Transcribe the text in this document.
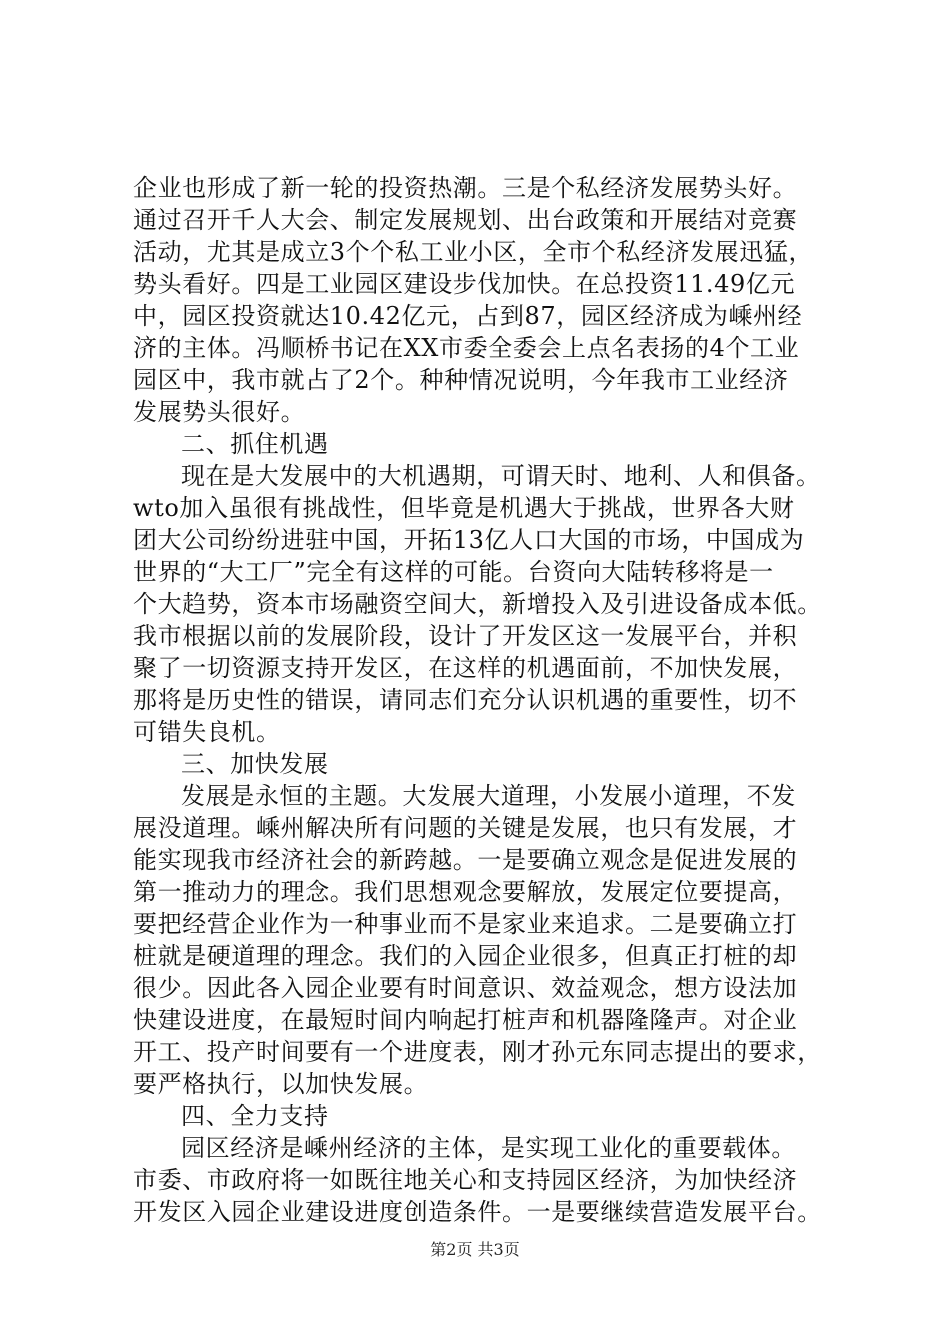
企业也形成了新一轮的投资热潮。三是个私经济发展势头好。
通过召开千人大会、制定发展规划、出台政策和开展结对竞赛
活动，尤其是成立3个个私工业小区，全市个私经济发展迅猛，
势头看好。四是工业园区建设步伐加快。在总投资11.49亿元
中，园区投资就达10.42亿元，占到87，园区经济成为嵊州经
济的主体。冯顺桥书记在XX市委全委会上点名表扬的4个工业
园区中，我市就占了2个。种种情况说明，今年我市工业经济
发展势头很好。
二、抓住机遇
现在是大发展中的大机遇期，可谓天时、地利、人和俱备。
wto加入虽很有挑战性，但毕竟是机遇大于挑战，世界各大财
团大公司纷纷进驻中国，开拓13亿人口大国的市场，中国成为
世界的“大工厂”完全有这样的可能。台资向大陆转移将是一
个大趋势，资本市场融资空间大，新增投入及引进设备成本低。
我市根据以前的发展阶段，设计了开发区这一发展平台，并积
聚了一切资源支持开发区，在这样的机遇面前，不加快发展，
那将是历史性的错误，请同志们充分认识机遇的重要性，切不
可错失良机。
三、加快发展
发展是永恒的主题。大发展大道理，小发展小道理，不发
展没道理。嵊州解决所有问题的关键是发展，也只有发展，才
能实现我市经济社会的新跨越。一是要确立观念是促进发展的
第一推动力的理念。我们思想观念要解放，发展定位要提高，
要把经营企业作为一种事业而不是家业来追求。二是要确立打
桩就是硬道理的理念。我们的入园企业很多，但真正打桩的却
很少。因此各入园企业要有时间意识、效益观念，想方设法加
快建设进度，在最短时间内响起打桩声和机器隆隆声。对企业
开工、投产时间要有一个进度表，刚才孙元东同志提出的要求，
要严格执行，以加快发展。
四、全力支持
园区经济是嵊州经济的主体，是实现工业化的重要载体。
市委、市政府将一如既往地关心和支持园区经济，为加快经济
开发区入园企业建设进度创造条件。一是要继续营造发展平台。
第2页 共3页
